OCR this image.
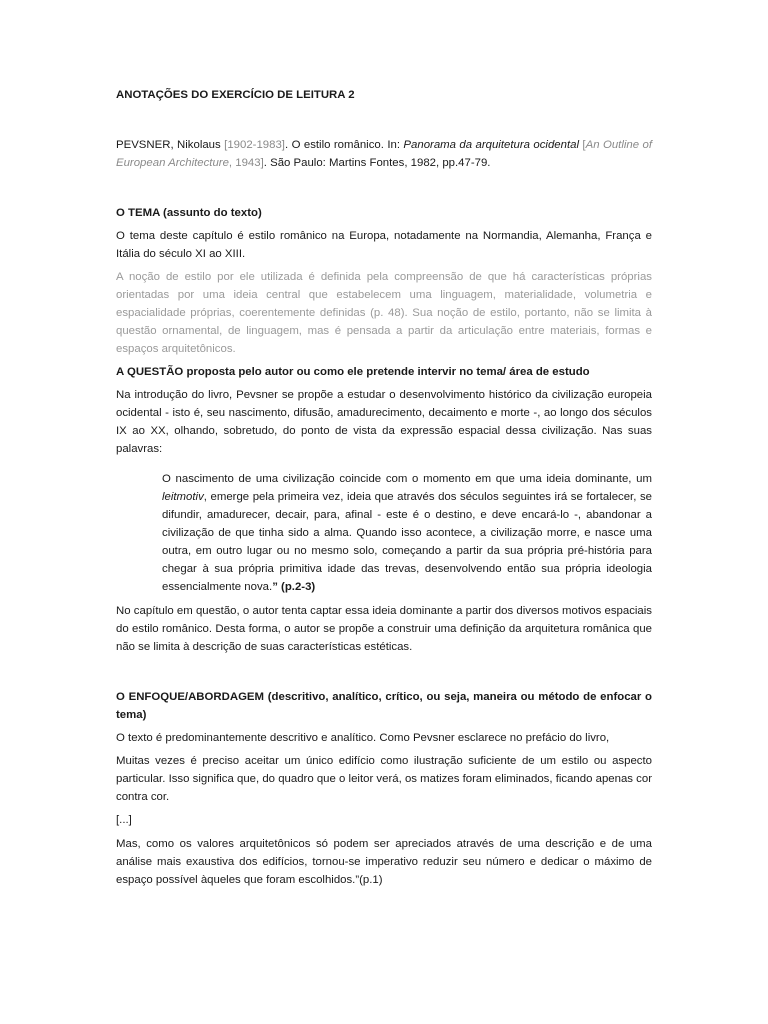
ANOTAÇÕES DO EXERCÍCIO DE LEITURA 2

PEVSNER, Nikolaus [1902-1983]. O estilo românico. In: Panorama da arquitetura ocidental [An Outline of European Architecture, 1943]. São Paulo: Martins Fontes, 1982, pp.47-79.

O TEMA (assunto do texto)

O tema deste capítulo é estilo românico na Europa, notadamente na Normandia, Alemanha, França e Itália do século XI ao XIII.

A noção de estilo por ele utilizada é definida pela compreensão de que há características próprias orientadas por uma ideia central que estabelecem uma linguagem, materialidade, volumetria e espacialidade próprias, coerentemente definidas (p. 48). Sua noção de estilo, portanto, não se limita à questão ornamental, de linguagem, mas é pensada a partir da articulação entre materiais, formas e espaços arquitetônicos.

A QUESTÃO proposta pelo autor ou como ele pretende intervir no tema/ área de estudo

Na introdução do livro, Pevsner se propõe a estudar o desenvolvimento histórico da civilização europeia ocidental - isto é, seu nascimento, difusão, amadurecimento, decaimento e morte -, ao longo dos séculos IX ao XX, olhando, sobretudo, do ponto de vista da expressão espacial dessa civilização. Nas suas palavras:

O nascimento de uma civilização coincide com o momento em que uma ideia dominante, um leitmotiv, emerge pela primeira vez, ideia que através dos séculos seguintes irá se fortalecer, se difundir, amadurecer, decair, para, afinal - este é o destino, e deve encará-lo -, abandonar a civilização de que tinha sido a alma. Quando isso acontece, a civilização morre, e nasce uma outra, em outro lugar ou no mesmo solo, começando a partir da sua própria pré-história para chegar à sua própria primitiva idade das trevas, desenvolvendo então sua própria ideologia essencialmente nova.” (p.2-3)

No capítulo em questão, o autor tenta captar essa ideia dominante a partir dos diversos motivos espaciais do estilo românico. Desta forma, o autor se propõe a construir uma definição da arquitetura românica que não se limita à descrição de suas características estéticas.

O ENFOQUE/ABORDAGEM (descritivo, analítico, crítico, ou seja, maneira ou método de enfocar o tema)

O texto é predominantemente descritivo e analítico. Como Pevsner esclarece no prefácio do livro,

Muitas vezes é preciso aceitar um único edifício como ilustração suficiente de um estilo ou aspecto particular. Isso significa que, do quadro que o leitor verá, os matizes foram eliminados, ficando apenas cor contra cor.

[...]

Mas, como os valores arquitetônicos só podem ser apreciados através de uma descrição e de uma análise mais exaustiva dos edifícios, tornou-se imperativo reduzir seu número e dedicar o máximo de espaço possível àqueles que foram escolhidos.”(p.1)
